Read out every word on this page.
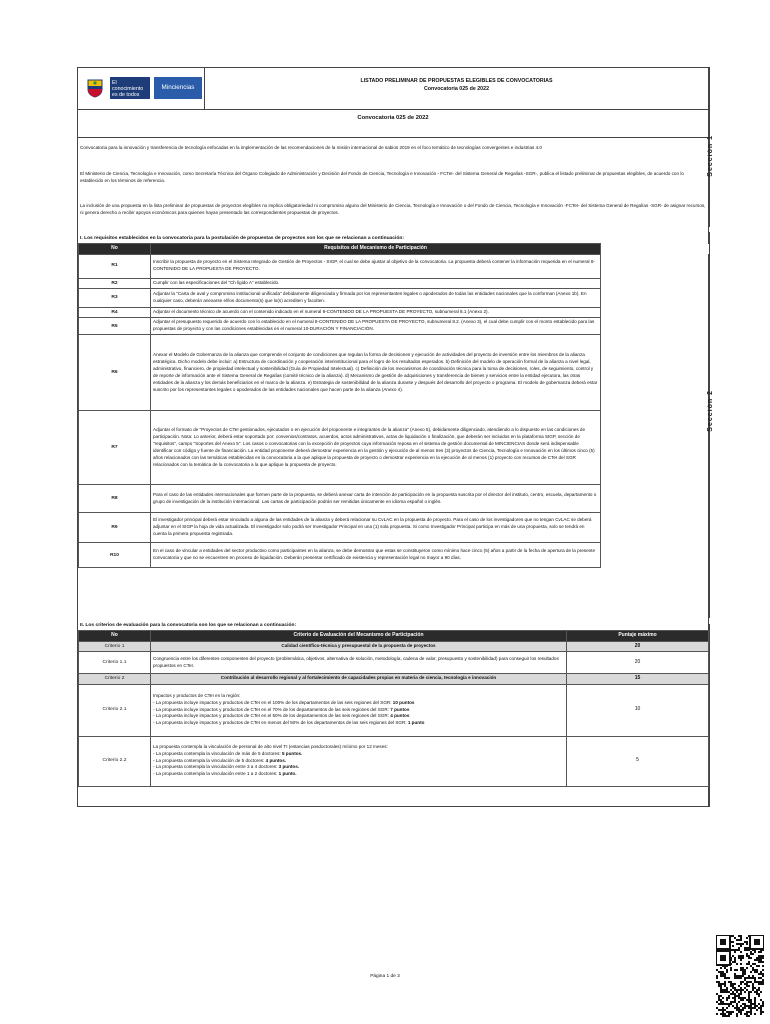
El conocimiento es de todos
Minciencias
LISTADO PRELIMINAR DE PROPUESTAS ELEGIBLES DE CONVOCATORIAS
Convocatoria 025 de 2022
Convocatoria 025 de 2022
Convocatoria para la innovación y transferencia de tecnología enfocadas en la implementación de las recomendaciones de la misión internacional de sabios 2019 en el foco temático de tecnologías convergentes e industrias 4.0
El Ministerio de Ciencia, Tecnología e Innovación, como Secretaría Técnica del Órgano Colegiado de Administración y Decisión del Fondo de Ciencia, Tecnología e Innovación - FCTeI- del Sistema General de Regalías -SGR-, publica el listado preliminar de propuestas elegibles, de acuerdo con lo establecido en los términos de referencia.
La inclusión de una propuesta en la lista preliminar de propuestas de proyectos elegibles no implica obligatoriedad ni compromiso alguno del Ministerio de Ciencia, Tecnología e Innovación o del Fondo de Ciencia, Tecnología e Innovación -FCTeI- del Sistema General de Regalías -SGR- de asignar recursos, ni genera derecho a recibir apoyos económicos para quienes hayan presentado las correspondientes propuestas de proyectos.
I. Los requisitos establecidos en la convocatoria para la postulación de propuestas de proyectos son los que se relacionan a continuación:
No	Requisitos del Mecanismo de Participación	
R1	Inscribir la propuesta de proyecto en el Sistema Integrado de Gestión de Proyectos - SIGP, el cual se debe ajustar al objetivo de la convocatoria. La propuesta deberá contener la información requerida en el numeral 8-CONTENIDO DE LA PROPUESTA DE PROYECTO.	
R2	Cumplir con las especificaciones del "Ch ligido A" establecido.	
R3	Adjuntar la "Carta de aval y compromiso institucional unificada" debidamente diligenciada y firmada por los representantes legales o apoderados de todas las entidades nacionales que la conforman (Anexo 1b). En cualquier caso, deberán anexarse el/los documento(s) que lo(s) acrediten y faculten.	
R4	Adjuntar el documento técnico de acuerdo con el contenido indicado en el numeral 8-CONTENIDO DE LA PROPUESTA DE PROYECTO, subnumeral 8.1 (Anexo 2).	
R5	Adjuntar el presupuesto requerido de acuerdo con lo establecido en el numeral 8-CONTENIDO DE LA PROPUESTA DE PROYECTO, subnumeral 8.2. (Anexo 3), el cual debe cumplir con el monto establecido para las propuestas de proyecto y con las condiciones establecidas en el numeral 10-DURACIÓN Y FINANCIACIÓN.	
R6	Anexar el Modelo de Gobernanza de la alianza que comprende el conjunto de condiciones que regulan la forma de decisiones y ejecución de actividades del proyecto de inversión entre los miembros de la alianza estratégica. Dicho modelo debe incluir: a) Estructura de coordinación y cooperación interinstitucional para el logro de los resultados esperados. b) Definición del modelo de operación formal de la alianza a nivel legal, administrativo, financiero, de propiedad intelectual y sostenibilidad (Guía de Propiedad Intelectual). c) Definición de los mecanismos de coordinación técnica para la toma de decisiones, roles, de seguimiento, control y de reporte de información ante el Sistema General de Regalías (comité técnico de la alianza). d) Mecanismo de gestión de adquisiciones y transferencia de bienes y servicios entre la entidad ejecutora, las otras entidades de la alianza y los demás beneficiarios en el marco de la alianza. e) Estrategia de sostenibilidad de la alianza durante y después del desarrollo del proyecto o programa. El modelo de gobernanza deberá estar suscrito por los representantes legales o apoderados de las entidades nacionales que hacen parte de la alianza (Anexo 4).	
R7	Adjuntar el formato de "Proyectos de CTeI gestionados, ejecutados o en ejecución del proponente e integrantes de la alianza" (Anexo 5), debidamente diligenciado, atendiendo a lo dispuesto en las condiciones de participación. Nota: Lo anterior, deberá estar soportado por: convenios/contratos, acuerdos, actos administrativos, actas de liquidación o finalización, que deberán ser incluidos en la plataforma SIGP, sección de "requisitos", campo "Soportes del Anexo 5". Los casos o convocatorias con la excepción de proyectos cuya información reposa en el sistema de gestión documental de MINCIENCIAS donde será indispensable identificar con código y fuente de financiación. La entidad proponente deberá demostrar experiencia en la gestión y ejecución de al menos tres (3) proyectos de Ciencia, Tecnología e Innovación en los últimos cinco (5) años relacionados con las temáticas establecidas en la convocatoria a la que aplique la propuesta de proyecto o demostrar experiencia en la ejecución de al menos (1) proyecto con recursos de CTeI del SGR relacionados con la temática de la convocatoria a la que aplique la propuesta de proyecto.	
R8	Para el caso de las entidades internacionales que formen parte de la propuesta, se deberá anexar carta de intención de participación en la propuesta suscrita por el director del instituto, centro, escuela, departamento o grupo de investigación de la institución internacional. Las cartas de participación podrán ser remitidas únicamente en idioma español o inglés.	
R9	El investigador principal deberá estar vinculado a alguna de las entidades de la alianza y deberá relacionar su CvLAC en la propuesta de proyecto. Para el caso de los investigadores que no tengan CvLAC se deberá adjuntar en el SIGP la hoja de vida actualizada. El investigador solo podrá ser Investigador Principal en una (1) sola propuesta. Si como Investigador Principal participa en más de una propuesta, solo se tendrá en cuenta la primera propuesta registrada.	
R10	En el caso de vincular a entidades del sector productivo como participantes en la alianza, se debe demostrar que estas se constituyeron como mínimo hace cinco (5) años a partir de la fecha de apertura de la presente convocatoria y que no se encuentren en proceso de liquidación. Deberán presentar certificado de existencia y representación legal no mayor a 90 días.	
II. Los criterios de evaluación para la convocatoria son los que se relacionan a continuación:
No	Criterio de Evaluación del Mecanismo de Participación	Puntaje máximo
Criterio 1	Calidad científico-técnica y presupuestal de la propuesta de proyectos	20
Criterio 1.1	Congruencia entre los diferentes componentes del proyecto (problemática, objetivos, alternativa de solución, metodología, cadena de valor, presupuesto y sostenibilidad) para conseguir los resultados propuestos en CTeI.	20
Criterio 2	Contribución al desarrollo regional y al fortalecimiento de capacidades propias en materia de ciencia, tecnología e innovación	15
Criterio 2.1	Impactos y productos de CTeI en la región:
- La propuesta incluye impactos y productos de CTeI en el 100% de los departamentos de las seis regiones del SGR: 10 puntos
- La propuesta incluye impactos y productos de CTeI en el 70% de los departamentos de las seis regiones del SGR: 7 puntos
- La propuesta incluye impactos y productos de CTeI en el 50% de los departamentos de las seis regiones del SGR: 4 puntos
- La propuesta incluye impactos y productos de CTeI en menos del 50% de los departamentos de las seis regiones del SGR: 1 punto	10
Criterio 2.2	La propuesta contempla la vinculación de personal de alto nivel TI (estancias posdoctorales) mínimo por 12 meses:
- La propuesta contempla la vinculación de más de 5 doctores: 5 puntos.
- La propuesta contempla la vinculación de 5 doctores: 4 puntos.
- La propuesta contempla la vinculación entre 3 a 4 doctores: 3 puntos.
- La propuesta contempla la vinculación entre 1 a 2 doctores: 1 punto.	5
Sección 1
Sección 2
Página 1 de 3
